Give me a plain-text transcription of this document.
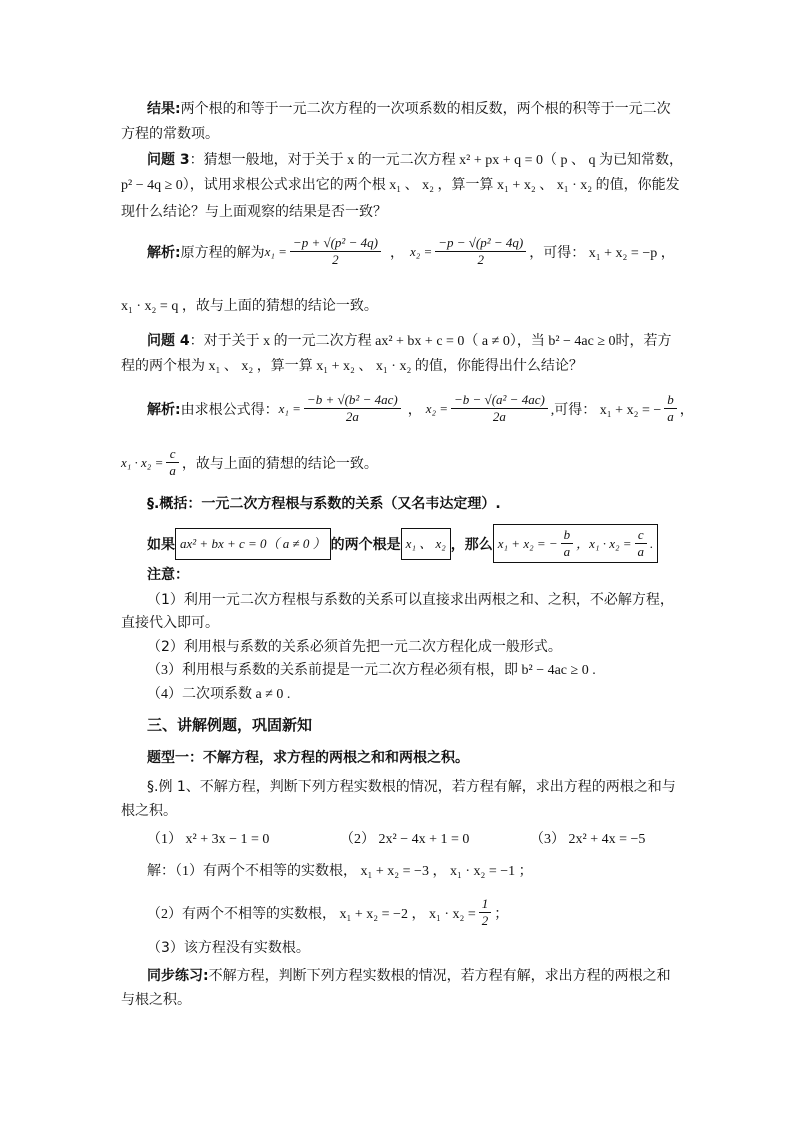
结果:两个根的和等于一元二次方程的一次项系数的相反数，两个根的积等于一元二次
方程的常数项。
问题 3：猜想一般地，对于关于 x 的一元二次方程 x² + px + q = 0（ p 、 q 为已知常数，
p² − 4q ≥ 0），试用求根公式求出它的两个根 x₁ 、 x₂ ，算一算 x₁ + x₂ 、 x₁ · x₂ 的值，你能发
现什么结论？与上面观察的结果是否一致？
解析: 原方程的解为 $x_1 = \frac{\text{−p + √(p² − 4q)}}{2}$ ， $x_2 = \frac{\text{−p − √(p² − 4q)}}{2}$ ，可得： x₁ + x₂ = −p ，
x₁ · x₂ = q ，故与上面的猜想的结论一致。
问题 4：对于关于 x 的一元二次方程 ax² + bx + c = 0（ a ≠ 0），当 b² − 4ac ≥ 0时，若方
程的两个根为 x₁ 、 x₂ ，算一算 x₁ + x₂ 、 x₁ · x₂ 的值，你能得出什么结论？
解析: 由求根公式得： $x_1 = \frac{\text{−b + √(b² − 4ac)}}{2a}$ ， $x_2 = \frac{\text{−b − √(a² − 4ac)}}{2a}$ ,可得： x₁ + x₂ = − $\frac{b}{a}$ ，
$x_1 \cdot x_2 = \frac{c}{a}$ ，故与上面的猜想的结论一致。
§.概括：一元二次方程根与系数的关系（又名韦达定理）.
如果 ax² + bx + c = 0（ a ≠ 0 ） 的两个根是 x₁ 、 x₂ ，那么 x₁ + x₂ = − $\frac{b}{a}$ ，$x_1 \cdot x_2 = \frac{c}{a}$ .
注意：
（1）利用一元二次方程根与系数的关系可以直接求出两根之和、之积，不必解方程，
直接代入即可。
（2）利用根与系数的关系必须首先把一元二次方程化成一般形式。
（3）利用根与系数的关系前提是一元二次方程必须有根，即 b² − 4ac ≥ 0 .
（4）二次项系数 a ≠ 0 .
三、讲解例题，巩固新知
题型一：不解方程，求方程的两根之和和两根之积。
§.例 1、不解方程，判断下列方程实数根的情况，若方程有解，求出方程的两根之和与
根之积。
（1） x² + 3x − 1 = 0	（2） 2x² − 4x + 1 = 0	（3） 2x² + 4x = −5
解：（1）有两个不相等的实数根， x₁ + x₂ = −3 ， x₁ · x₂ = −1 ；
（2）有两个不相等的实数根， x₁ + x₂ = −2 ， $x_1 \cdot x_2 = \frac{1}{2}$ ；
（3）该方程没有实数根。
同步练习:不解方程，判断下列方程实数根的情况，若方程有解，求出方程的两根之和
与根之积。
